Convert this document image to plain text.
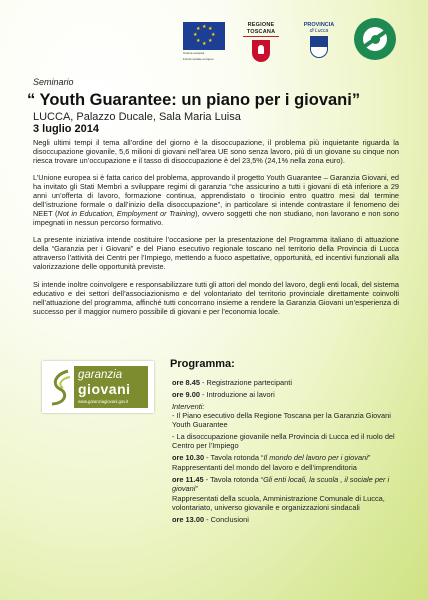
★ ★
★
★
★
★
★
★
Unione europea
Fondo sociale europeo
REGIONE TOSCANA
PROVINCIA
di Lucca
Seminario
“ Youth Guarantee: un piano per i giovani”
LUCCA, Palazzo Ducale, Sala Maria Luisa
3 luglio 2014

Negli ultimi tempi il tema all’ordine del giorno è la disoccupazione, il problema più inquietante riguarda la disoccupazione giovanile, 5,6 milioni di giovani nell’area UE sono senza lavoro, più di un giovane su cinque non riesca trovare un’occupazione e il tasso di disoccupazione è del 23,5% (24,1% nella zona euro).

L’Unione europea si è fatta carico del problema, approvando il progetto Youth Guarantee – Garanzia Giovani, ed ha invitato gli Stati Membri a sviluppare regimi di garanzia “che assicurino a tutti i giovani di età inferiore a 29 anni un’offerta di lavoro, formazione continua, apprendistato o tirocinio entro quattro mesi dal termine dell’istruzione formale o dall’inizio della disoccupazione”, in particolare si intende contrastare il fenomeno dei NEET (Not in Education, Employment or Training), ovvero soggetti che non studiano, non lavorano e non sono impegnati in nessun percorso formativo.

La presente iniziativa intende costituire l’occasione per la presentazione del Programma italiano di attuazione della “Garanzia per i Giovani” e del Piano esecutivo regionale toscano nel territorio della Provincia di Lucca attraverso l’attività dei Centri per l’Impiego, mettendo a fuoco aspettative, opportunità, ed incentivi funzionali alla valorizzazione delle opportunità previste.

Si intende inoltre coinvolgere e responsabilizzare tutti gli attori del mondo del lavoro, degli enti locali, del sistema educativo e dei settori dell’associazionismo e del volontariato del territorio provinciale direttamente coinvolti nell’attuazione del programma, affinché tutti concorrano insieme a rendere la Garanzia Giovani un’esperienza di successo per il maggior numero possibile di giovani e per l’economia locale.

garanzia
giovani
www.garanziagiovani.gov.it
Programma:
ore 8.45 - Registrazione partecipanti
ore 9.00 - Introduzione ai lavori
Interventi:
- Il Piano esecutivo della Regione Toscana per la Garanzia Giovani Youth Guarantee
- La disoccupazione giovanile nella Provincia di Lucca ed il ruolo del Centro per l’Impiego
ore 10.30 - Tavola rotonda “Il mondo del lavoro per i giovani”
Rappresentanti del mondo del lavoro e dell’imprenditoria
ore 11.45 - Tavola rotonda “Gli enti locali, la scuola , il sociale per i giovani”
Rappresentati della scuola, Amministrazione Comunale di Lucca, volontariato, universo giovanile e organizzazioni sindacali
ore 13.00 - Conclusioni
